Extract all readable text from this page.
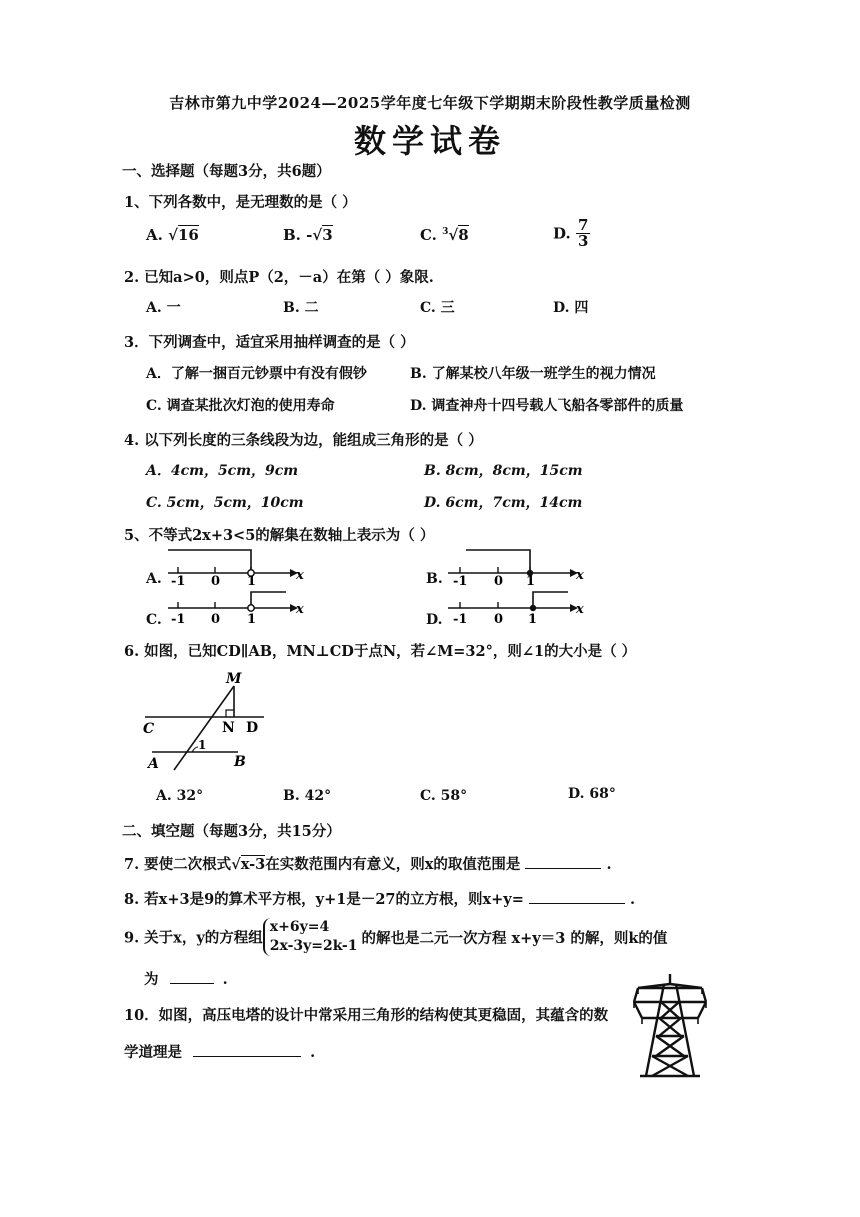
吉林市第九中学2024—2025学年度七年级下学期期末阶段性教学质量检测
数学试卷
一、选择题（每题3分，共6题）
1、下列各数中，是无理数的是（ ）
A. √16	B. -√3	C. $^3$√8	D. $\frac{7}{3}$
2. 已知a>0，则点P（2，－a）在第（ ）象限.
A. 一	B. 二	C. 三	D. 四
3．下列调查中，适宜采用抽样调查的是（ ）
A．了解一捆百元钞票中有没有假钞	B. 了解某校八年级一班学生的视力情况
C. 调查某批次灯泡的使用寿命	D. 调查神舟十四号载人飞船各零部件的质量
4. 以下列长度的三条线段为边，能组成三角形的是（ ）
A．4cm，5cm，9cm	B. 8cm，8cm，15cm
C. 5cm，5cm，10cm	D. 6cm，7cm，14cm
5、不等式2x+3<5的解集在数轴上表示为（ ）
A. -1 0 1	x	B. -1 0 1	x
C. -1 0 1
x
D. -1 0 1
x
6. 如图，已知CD∥AB，MN⊥CD于点N，若∠M=32°，则∠1的大小是（ ）
M
C	N D
1
A	B
A. 32°	B. 42°	C. 58°	D. 68°
二、填空题（每题3分，共15分）
7. 要使二次根式√x-3在实数范围内有意义，则x的取值范围是	.
8. 若x+3是9的算术平方根，y+1是－27的立方根，则x+y=	.
9. 关于x，y的方程组
x+6y=4
2x-3y=2k-1 的解也是二元一次方程 x+y＝3 的解，则k的值
为	.
10．如图，高压电塔的设计中常采用三角形的结构使其更稳固，其蕴含的数
学道理是	.
